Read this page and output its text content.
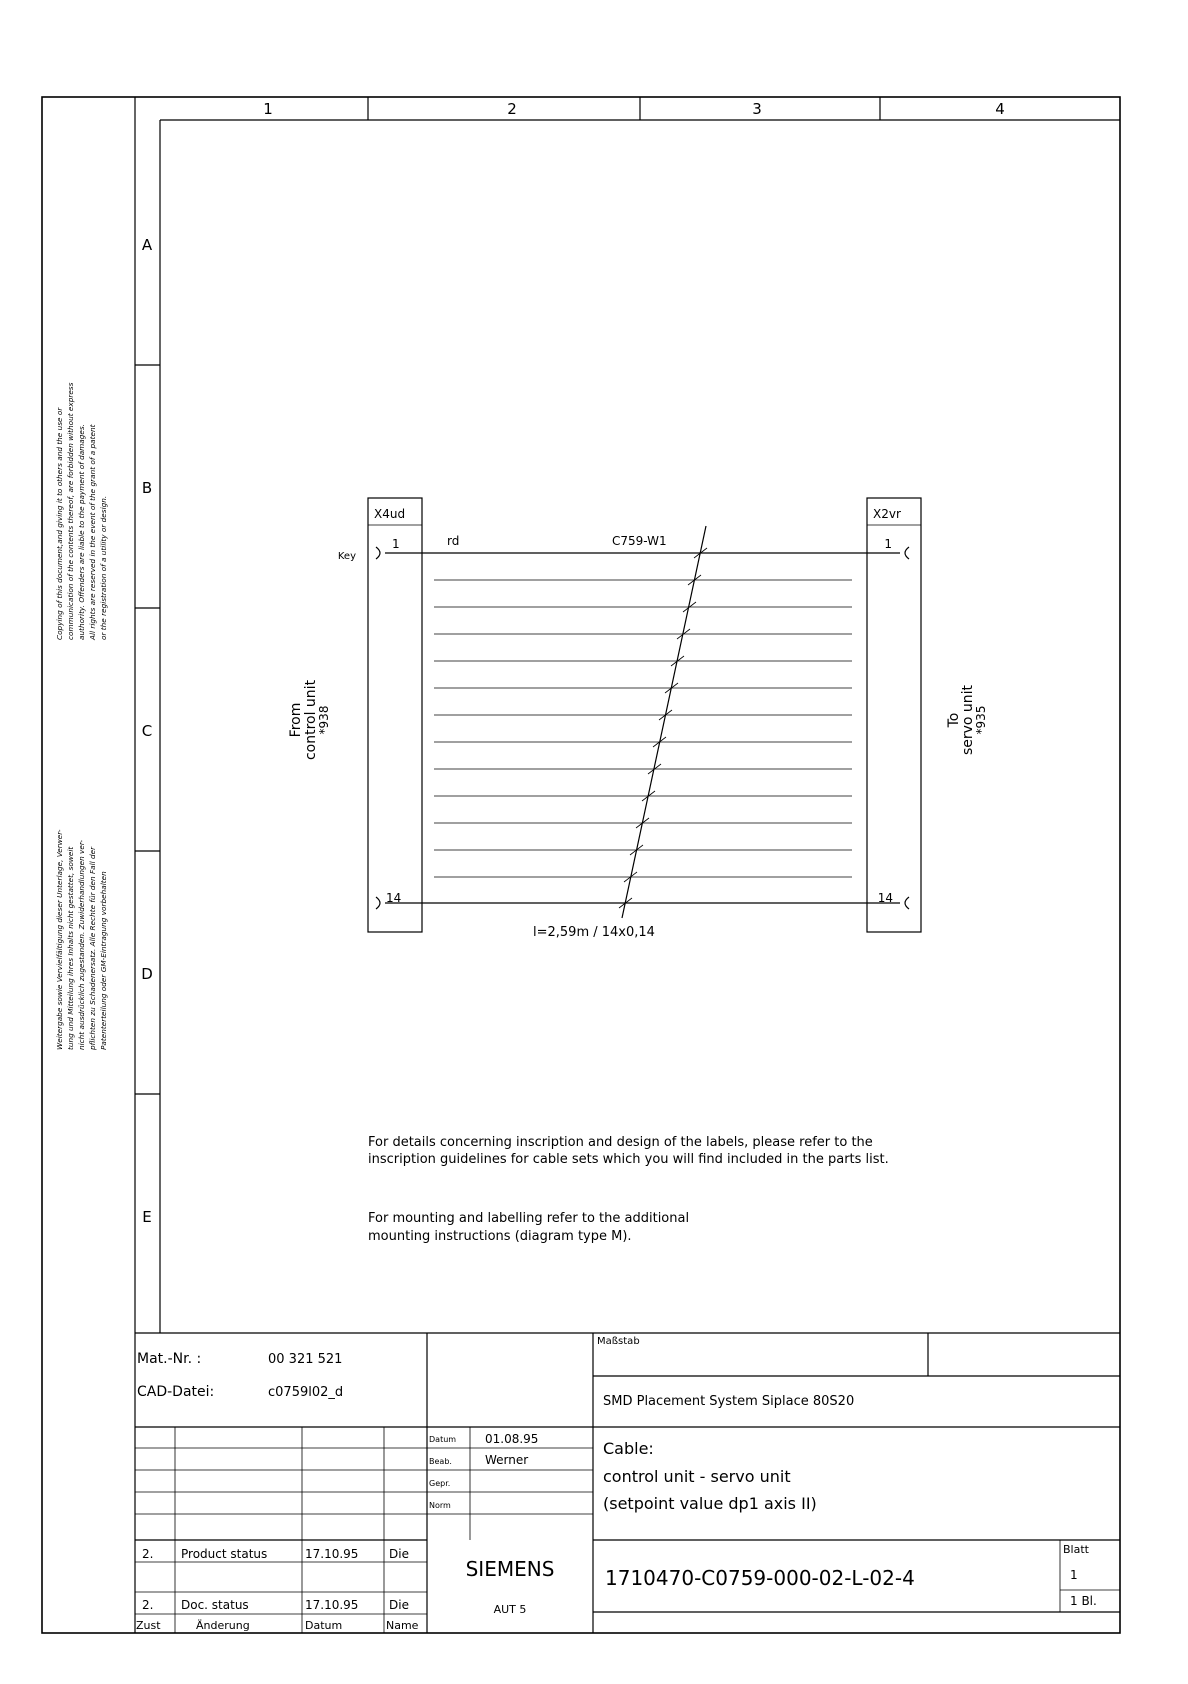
1	2	3	4
A
B
C
D
E
Copying of this document,and giving it to others and the use or communication of the contents thereof, are forbidden without express authority. Offenders are liable to the payment of damages. All rights are reserved in the event of the grant of a patent or the registration of a utility or design.
Weitergabe sowie Vervielfältigung dieser Unterlage, Verwer- tung und Mitteilung ihres Inhalts nicht gestattet, soweit nicht ausdrücklich zugestanden. Zuwiderhandlungen ver- pflichten zu Schadenersatz. Alle Rechte für den Fall der Patenterteilung oder GM-Eintragung vorbehalten
X4ud	X2vr
Key
1	1
14	14
rd	C759-W1
l=2,59m / 14x0,14
From control unit
*938	To
servo unit
*935
For details concerning inscription and design of the labels, please refer to the
inscription guidelines for cable sets which you will find included in the parts list.
For mounting and labelling refer to the additional
mounting instructions (diagram type M).
Mat.-Nr. :	00 321 521
CAD-Datei:	c0759l02_d
Maßstab
SMD Placement System Siplace 80S20
Datum 01.08.95
Beab.	Werner
Gepr.
Norm
Cable:
control unit - servo unit
(setpoint value dp1 axis II)
SIEMENS
AUT 5
1710470-C0759-000-02-L-02-4
Blatt
1
1 Bl.
2. Product status	17.10.95	Die
2. Doc. status	17.10.95	Die
Zust	Änderung	Datum	Name
